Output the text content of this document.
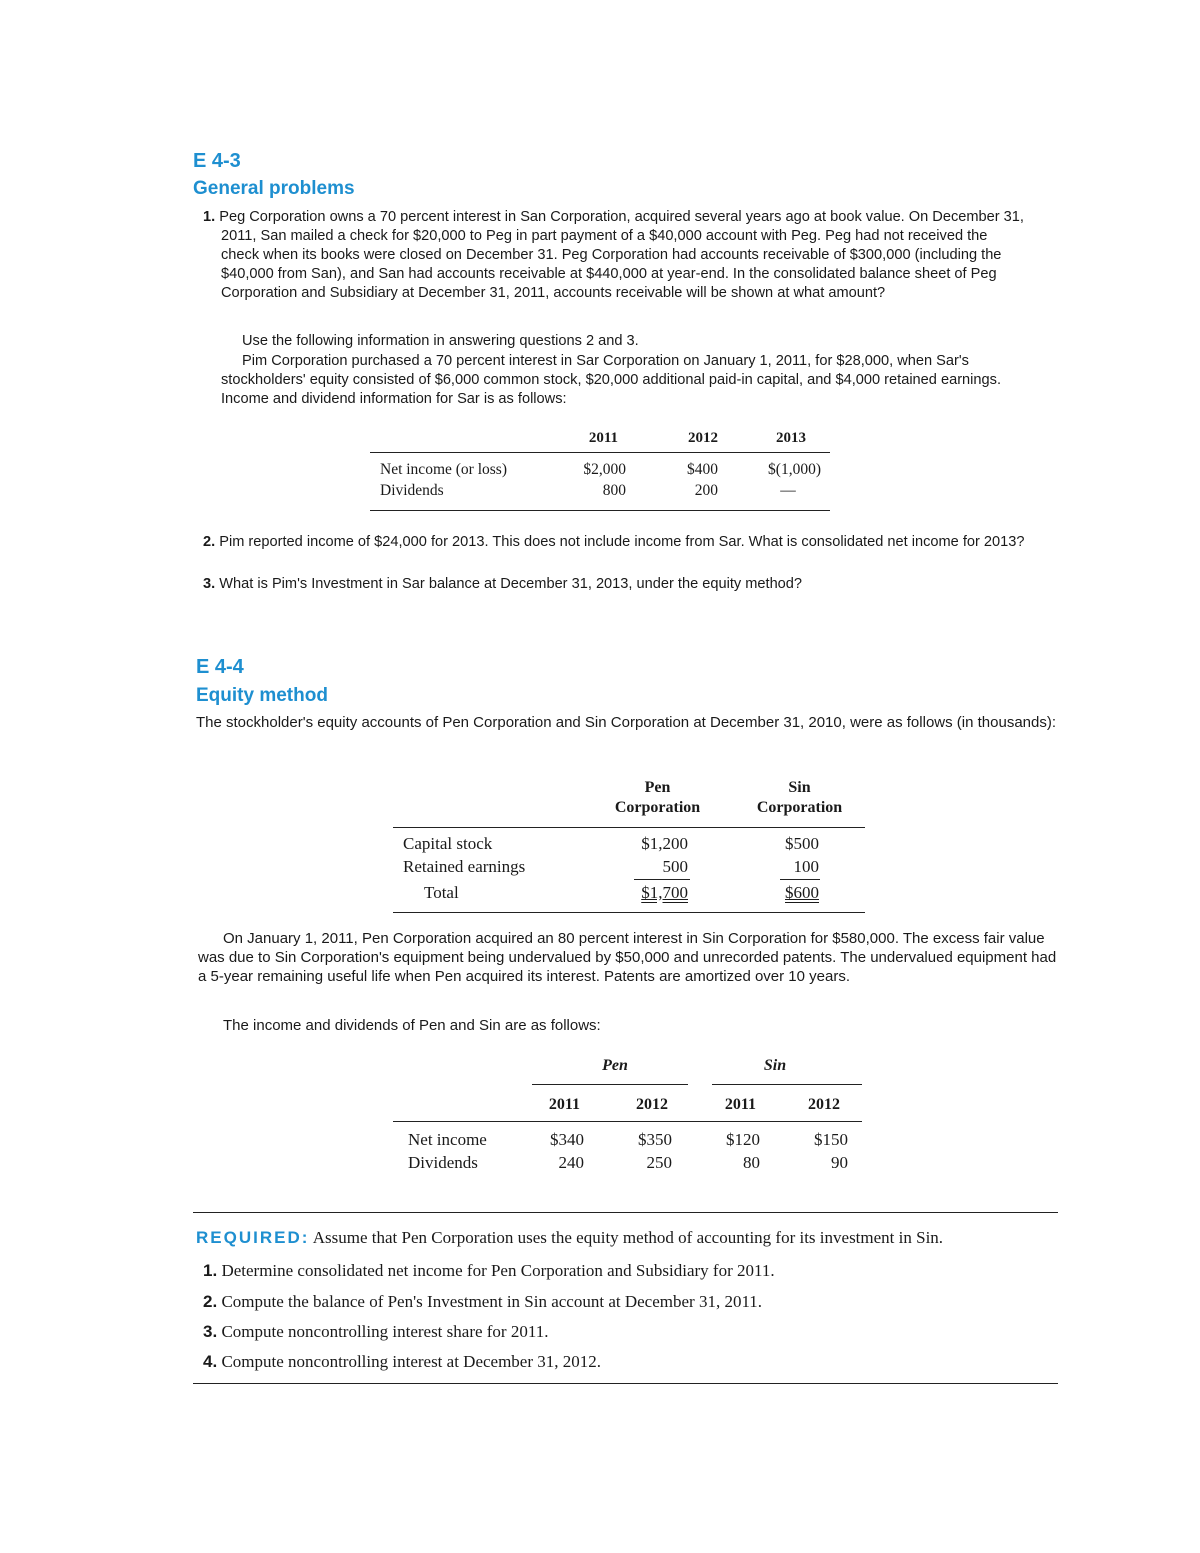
E 4-3
General problems
1. Peg Corporation owns a 70 percent interest in San Corporation, acquired several years ago at book value. On December 31, 2011, San mailed a check for $20,000 to Peg in part payment of a $40,000 account with Peg. Peg had not received the check when its books were closed on December 31. Peg Corporation had accounts receivable of $300,000 (including the $40,000 from San), and San had accounts receivable at $440,000 at year-end. In the consolidated balance sheet of Peg Corporation and Subsidiary at December 31, 2011, accounts receivable will be shown at what amount?
Use the following information in answering questions 2 and 3.
Pim Corporation purchased a 70 percent interest in Sar Corporation on January 1, 2011, for $28,000, when Sar's stockholders' equity consisted of $6,000 common stock, $20,000 additional paid-in capital, and $4,000 retained earnings. Income and dividend information for Sar is as follows:
2011	2012	2013
Net income (or loss)	$2,000	$400	$(1,000)
Dividends	800	200	—
2. Pim reported income of $24,000 for 2013. This does not include income from Sar. What is consolidated net income for 2013?
3. What is Pim's Investment in Sar balance at December 31, 2013, under the equity method?
E 4-4
Equity method
The stockholder's equity accounts of Pen Corporation and Sin Corporation at December 31, 2010, were as follows (in thousands):
Pen
Corporation
Sin
Corporation
Capital stock	$1,200	$500
Retained earnings	500	100
Total	$1,700	$600
On January 1, 2011, Pen Corporation acquired an 80 percent interest in Sin Corporation for $580,000. The excess fair value was due to Sin Corporation's equipment being undervalued by $50,000 and unrecorded patents. The undervalued equipment had a 5-year remaining useful life when Pen acquired its interest. Patents are amortized over 10 years.
The income and dividends of Pen and Sin are as follows:
Pen	Sin
2011	2012	2011	2012
Net income	$340	$350	$120	$150
Dividends	240	250	80	90
REQUIRED: Assume that Pen Corporation uses the equity method of accounting for its investment in Sin.
1. Determine consolidated net income for Pen Corporation and Subsidiary for 2011.
2. Compute the balance of Pen's Investment in Sin account at December 31, 2011.
3. Compute noncontrolling interest share for 2011.
4. Compute noncontrolling interest at December 31, 2012.
